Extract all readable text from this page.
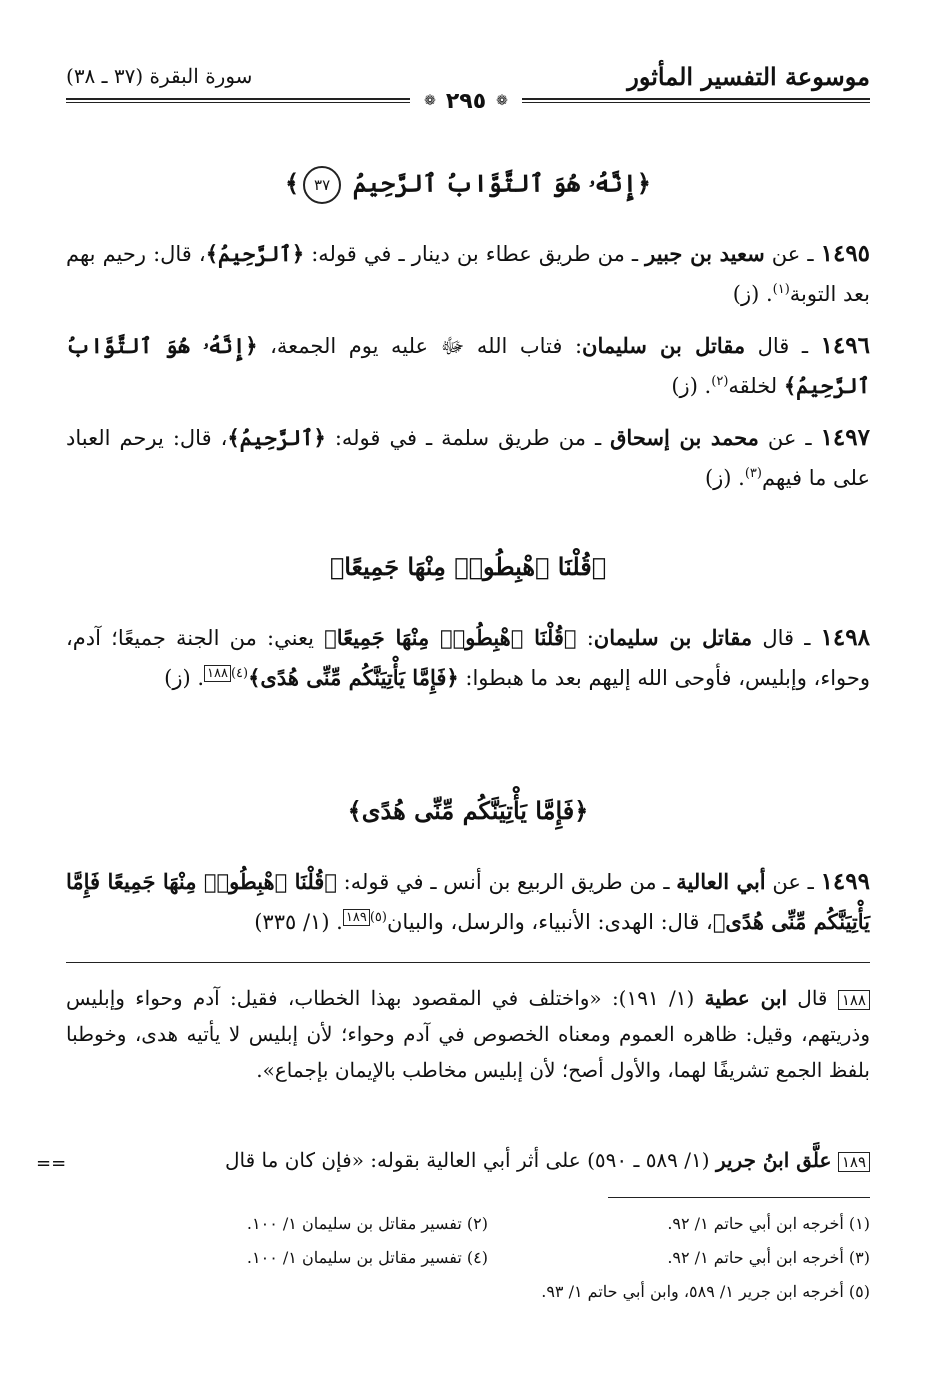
موسوعة التفسير المأثور
سورة البقرة (٣٧ ـ ٣٨)
❁
٢٩٥
❁
﴿إِنَّهُۥ هُوَ ٱلتَّوَّابُ ٱلرَّحِيمُ ٣٧﴾
١٤٩٥ ـ عن سعيد بن جبير ـ من طريق عطاء بن دينار ـ في قوله: ﴿ٱلرَّحِيمُ﴾، قال: رحيم بهم بعد التوبة$^{(١)}$. (ز)
١٤٩٦ ـ قال مقاتل بن سليمان: فتاب الله ﷻ عليه يوم الجمعة، ﴿إِنَّهُۥ هُوَ ٱلتَّوَّابُ ٱلرَّحِيمُ﴾ لخلقه$^{(٢)}$. (ز)
١٤٩٧ ـ عن محمد بن إسحاق ـ من طريق سلمة ـ في قوله: ﴿ٱلرَّحِيمُ﴾، قال: يرحم العباد على ما فيهم$^{(٣)}$. (ز)
﴿قُلْنَا ٱهْبِطُوا۟ مِنْهَا جَمِيعًا﴾
١٤٩٨ ـ قال مقاتل بن سليمان: ﴿قُلْنَا ٱهْبِطُوا۟ مِنْهَا جَمِيعًا﴾ يعني: من الجنة جميعًا؛ آدم، وحواء، وإبليس، فأوحى الله إليهم بعد ما هبطوا: ﴿فَإِمَّا يَأْتِيَنَّكُم مِّنِّى هُدًى﴾$^{(٤)}$١٨٨. (ز)
﴿فَإِمَّا يَأْتِيَنَّكُم مِّنِّى هُدًى﴾
١٤٩٩ ـ عن أبي العالية ـ من طريق الربيع بن أنس ـ في قوله: ﴿قُلْنَا ٱهْبِطُوا۟ مِنْهَا جَمِيعًا فَإِمَّا يَأْتِيَنَّكُم مِّنِّى هُدًى﴾، قال: الهدى: الأنبياء، والرسل، والبيان$^{(٥)}$١٨٩. (١/ ٣٣٥)
١٨٨ قال ابن عطية (١/ ١٩١): «واختلف في المقصود بهذا الخطاب، فقيل: آدم وحواء وإبليس وذريتهم، وقيل: ظاهره العموم ومعناه الخصوص في آدم وحواء؛ لأن إبليس لا يأتيه هدى، وخوطبا بلفظ الجمع تشريفًا لهما، والأول أصح؛ لأن إبليس مخاطب بالإيمان بإجماع».
١٨٩ علَّق ابنُ جرير (١/ ٥٨٩ ـ ٥٩٠) على أثر أبي العالية بقوله: «فإن كان ما قال
==
(١) أخرجه ابن أبي حاتم ١/ ٩٢.
(٢) تفسير مقاتل بن سليمان ١/ ١٠٠.
(٣) أخرجه ابن أبي حاتم ١/ ٩٢.
(٤) تفسير مقاتل بن سليمان ١/ ١٠٠.
(٥) أخرجه ابن جرير ١/ ٥٨٩، وابن أبي حاتم ١/ ٩٣.
